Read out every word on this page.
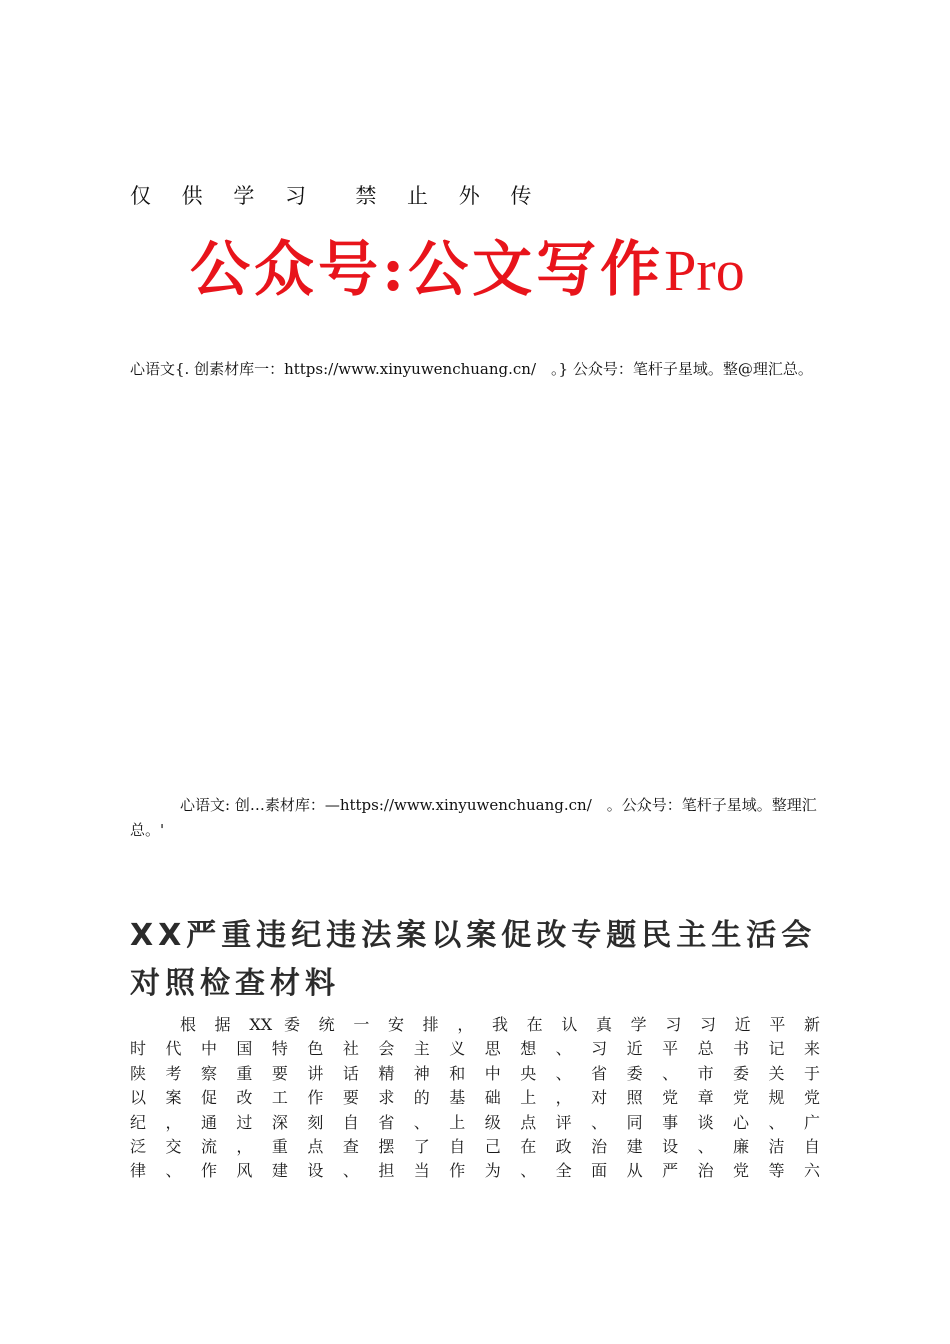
仅 供 学 习  禁 止 外 传
公众号:公文写作Pro
心语文{. 创素材库一：https://www.xinyuwenchuang.cn/　。} 公众号：笔杆子星域。整@理汇总。
心语文: 创…素材库：—https://www.xinyuwenchuang.cn/　。公众号：笔杆子星域。整理汇总。'
XX严重违纪违法案以案促改专题民主生活会对照检查材料
根 据 XX 委 统 一 安 排 ， 我 在 认 真 学 习 习 近 平 新
时 代 中 国 特 色 社 会 主 义 思 想 、 习 近 平 总 书 记 来
陕 考 察 重 要 讲 话 精 神 和 中 央 、 省 委 、 市 委 关 于
以 案 促 改 工 作 要 求 的 基 础 上 ， 对 照 党 章 党 规 党
纪 ， 通 过 深 刻 自 省 、 上 级 点 评 、 同 事 谈 心 、 广
泛 交 流 ， 重 点 查 摆 了 自 己 在 政 治 建 设 、 廉 洁 自
律 、 作 风 建 设 、 担 当 作 为 、 全 面 从 严 治 党 等 六
